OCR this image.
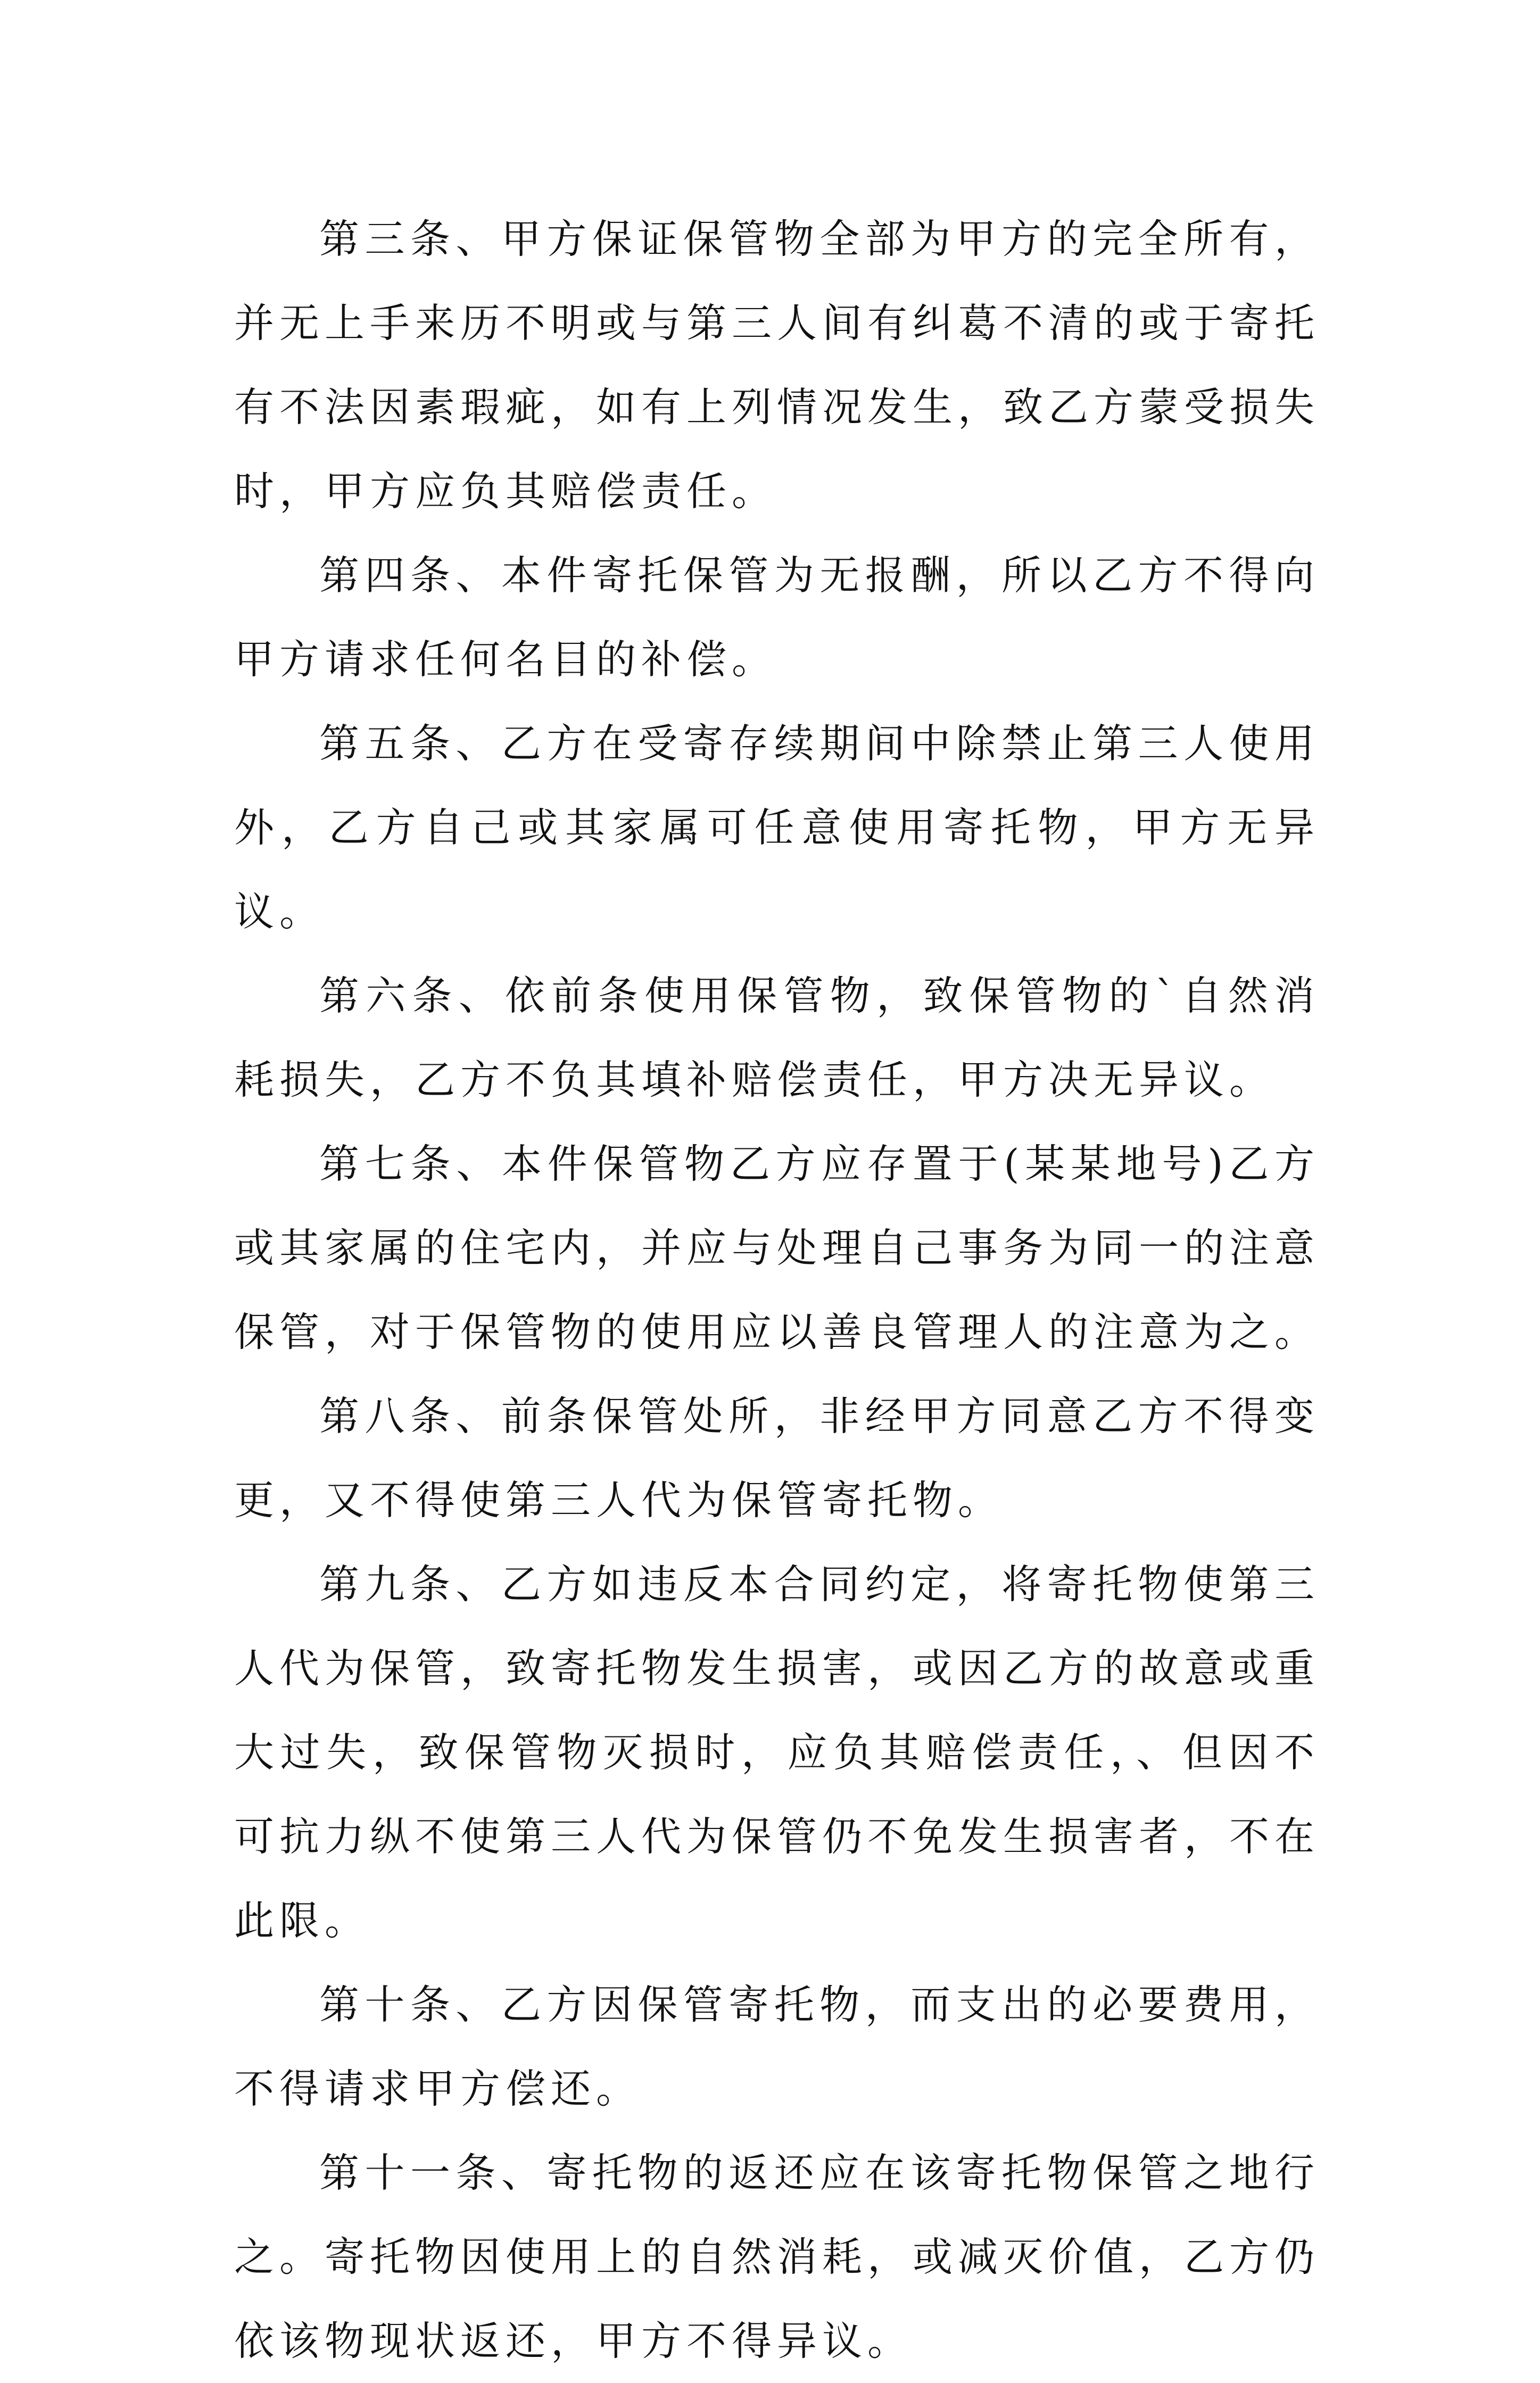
第三条、甲方保证保管物全部为甲方的完全所有，并无上手来历不明或与第三人间有纠葛不清的或于寄托有不法因素瑕疵，如有上列情况发生，致乙方蒙受损失时，甲方应负其赔偿责任。

第四条、本件寄托保管为无报酬，所以乙方不得向甲方请求任何名目的补偿。

第五条、乙方在受寄存续期间中除禁止第三人使用外，乙方自己或其家属可任意使用寄托物，甲方无异议。

第六条、依前条使用保管物，致保管物的`自然消耗损失，乙方不负其填补赔偿责任，甲方决无异议。

第七条、本件保管物乙方应存置于(某某地号)乙方或其家属的住宅内，并应与处理自己事务为同一的注意保管，对于保管物的使用应以善良管理人的注意为之。

第八条、前条保管处所，非经甲方同意乙方不得变更，又不得使第三人代为保管寄托物。

第九条、乙方如违反本合同约定，将寄托物使第三人代为保管，致寄托物发生损害，或因乙方的故意或重大过失，致保管物灭损时，应负其赔偿责任，、但因不可抗力纵不使第三人代为保管仍不免发生损害者，不在此限。

第十条、乙方因保管寄托物，而支出的必要费用，不得请求甲方偿还。

第十一条、寄托物的返还应在该寄托物保管之地行之。寄托物因使用上的自然消耗，或减灭价值，乙方仍依该物现状返还，甲方不得异议。
